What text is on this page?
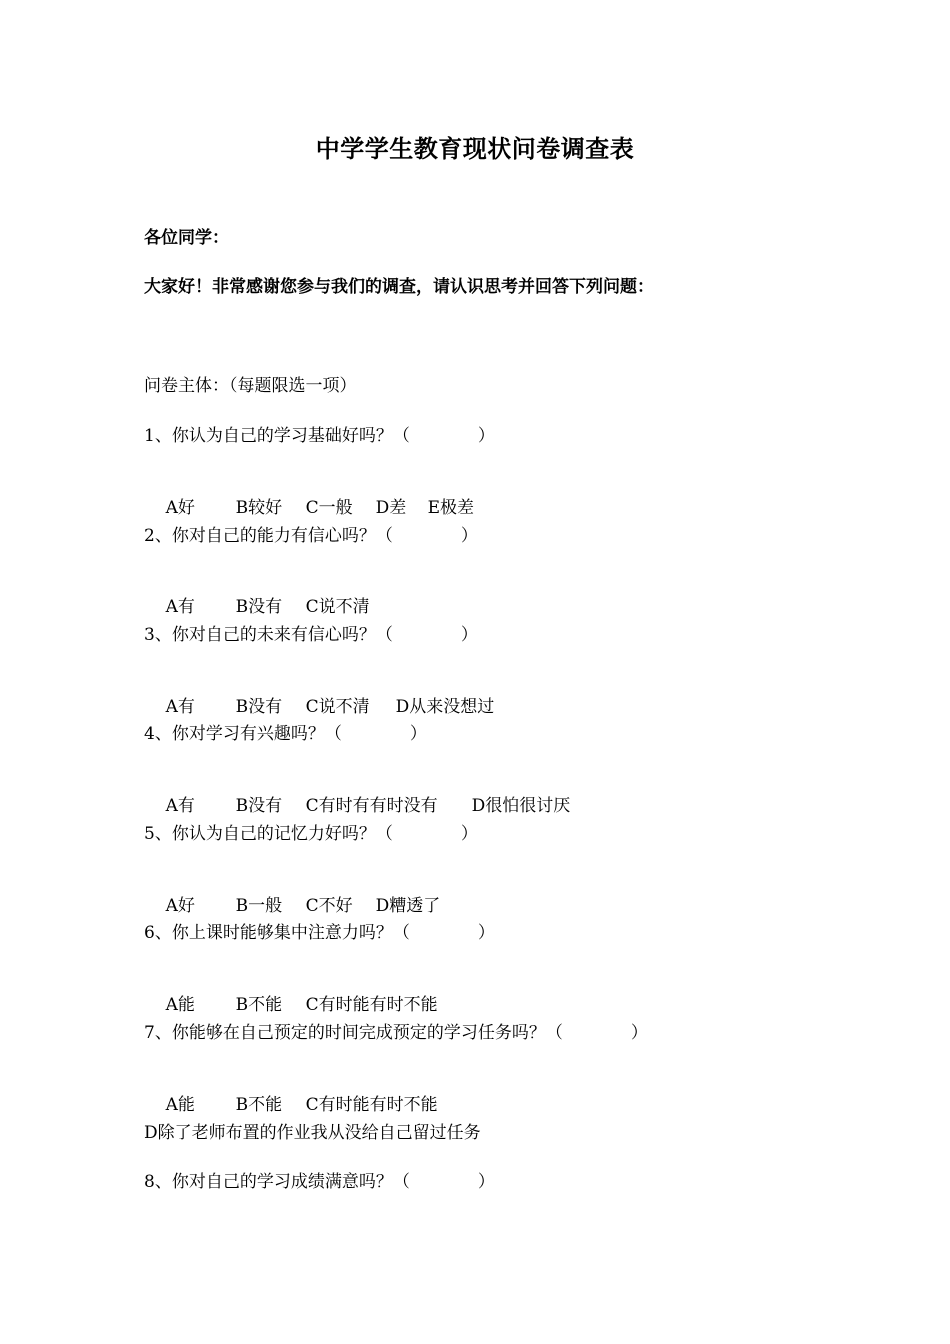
中学学生教育现状问卷调查表
各位同学：
大家好！非常感谢您参与我们的调查，请认识思考并回答下列问题：
问卷主体：（每题限选一项）
1、你认为自己的学习基础好吗？（　　　　）

A好 B较好 C一般 D差 E极差

2、你对自己的能力有信心吗？（　　　　）

A有 B没有 C说不清

3、你对自己的未来有信心吗？（　　　　）

A有 B没有 C说不清 D从来没想过

4、你对学习有兴趣吗？（　　　　）

A有 B没有 C有时有有时没有 D很怕很讨厌

5、你认为自己的记忆力好吗？（　　　　）

A好 B一般 C不好 D糟透了

6、你上课时能够集中注意力吗？（　　　　）

A能 B不能 C有时能有时不能

7、你能够在自己预定的时间完成预定的学习任务吗？（　　　　）

A能 B不能 C有时能有时不能

D除了老师布置的作业我从没给自己留过任务
8、你对自己的学习成绩满意吗？（　　　　）
